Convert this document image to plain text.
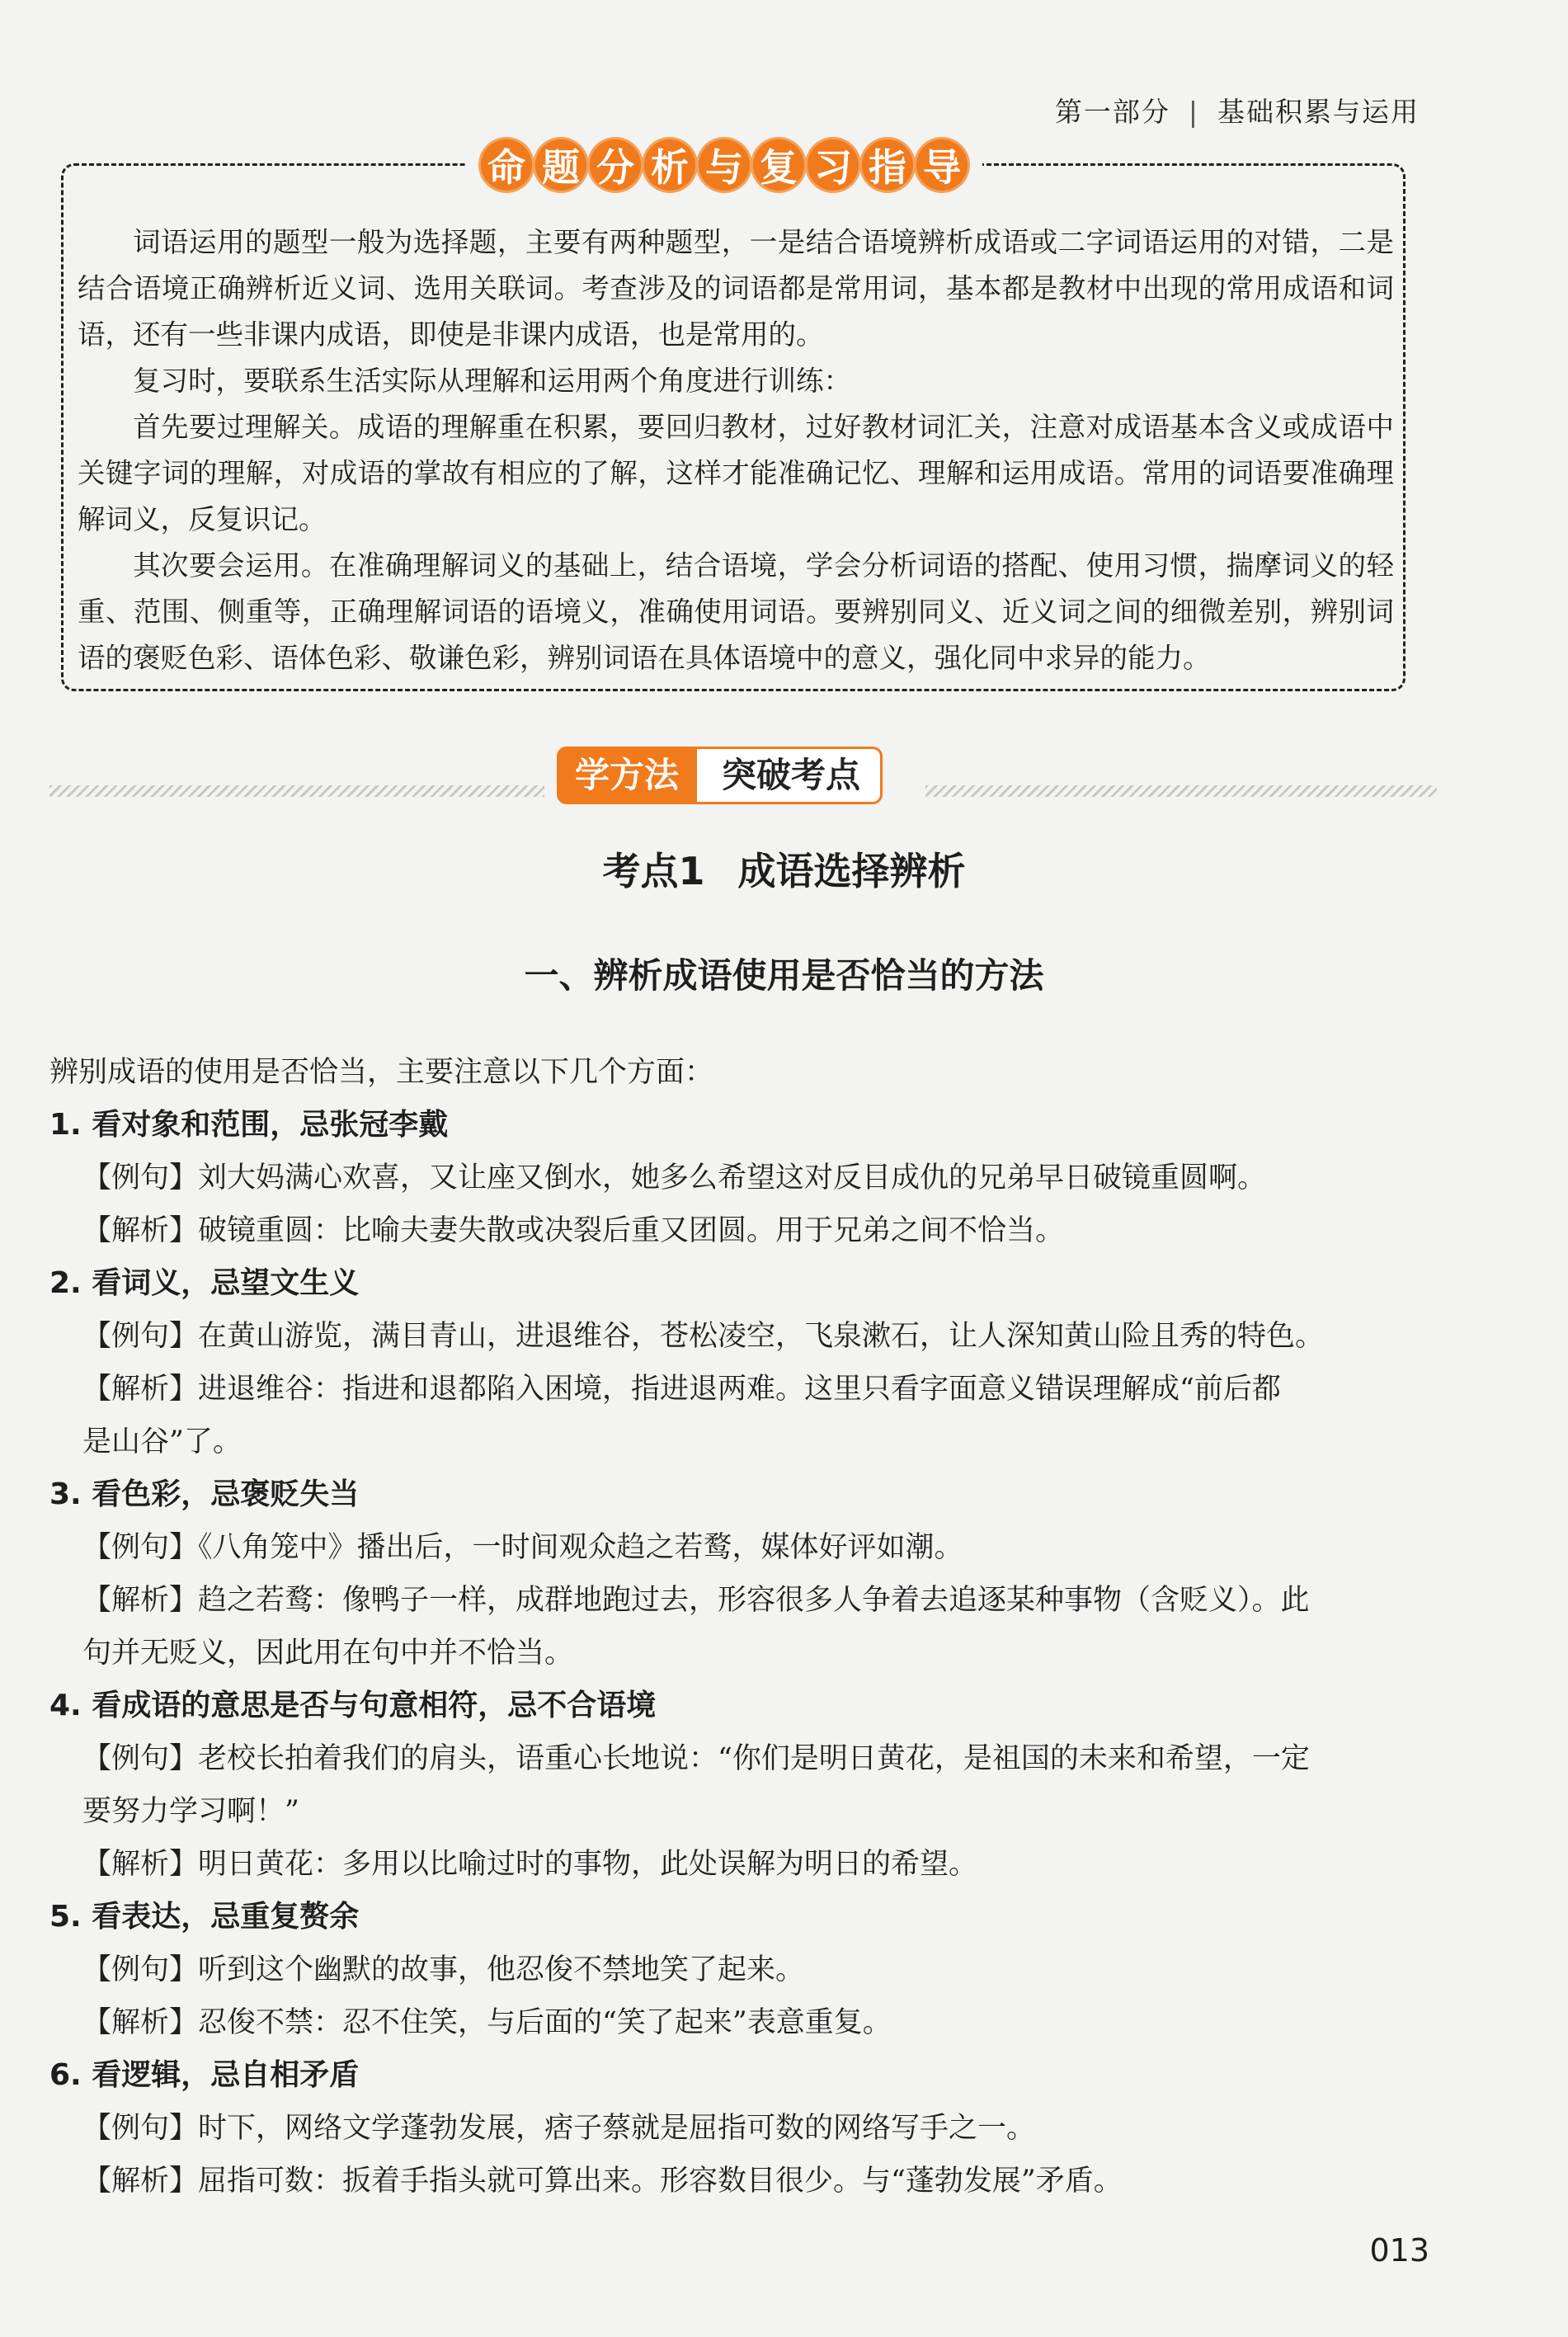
第一部分 | 基础积累与运用
命 题 分 析 与 复 习 指 导

词语运用的题型一般为选择题，主要有两种题型，一是结合语境辨析成语或二字词语运用的对错，二是结合语境正确辨析近义词、选用关联词。考查涉及的词语都是常用词，基本都是教材中出现的常用成语和词语，还有一些非课内成语，即使是非课内成语，也是常用的。

复习时，要联系生活实际从理解和运用两个角度进行训练：

首先要过理解关。成语的理解重在积累，要回归教材，过好教材词汇关，注意对成语基本含义或成语中关键字词的理解，对成语的掌故有相应的了解，这样才能准确记忆、理解和运用成语。常用的词语要准确理解词义，反复识记。

其次要会运用。在准确理解词义的基础上，结合语境，学会分析词语的搭配、使用习惯，揣摩词义的轻重、范围、侧重等，正确理解词语的语境义，准确使用词语。要辨别同义、近义词之间的细微差别，辨别词语的褒贬色彩、语体色彩、敬谦色彩，辨别词语在具体语境中的意义，强化同中求异的能力。

学方法	突破考点
考点1 成语选择辨析
一、辨析成语使用是否恰当的方法
辨别成语的使用是否恰当，主要注意以下几个方面：
1. 看对象和范围，忌张冠李戴
【例句】刘大妈满心欢喜，又让座又倒水，她多么希望这对反目成仇的兄弟早日破镜重圆啊。
【解析】破镜重圆：比喻夫妻失散或决裂后重又团圆。用于兄弟之间不恰当。
2. 看词义，忌望文生义
【例句】在黄山游览，满目青山，进退维谷，苍松凌空，飞泉漱石，让人深知黄山险且秀的特色。
【解析】进退维谷：指进和退都陷入困境，指进退两难。这里只看字面意义错误理解成“前后都
是山谷”了。
3. 看色彩，忌褒贬失当
【例句】《八角笼中》播出后，一时间观众趋之若鹜，媒体好评如潮。
【解析】趋之若鹜：像鸭子一样，成群地跑过去，形容很多人争着去追逐某种事物（含贬义）。此
句并无贬义，因此用在句中并不恰当。
4. 看成语的意思是否与句意相符，忌不合语境
【例句】老校长拍着我们的肩头，语重心长地说：“你们是明日黄花，是祖国的未来和希望，一定
要努力学习啊！”
【解析】明日黄花：多用以比喻过时的事物，此处误解为明日的希望。
5. 看表达，忌重复赘余
【例句】听到这个幽默的故事，他忍俊不禁地笑了起来。
【解析】忍俊不禁：忍不住笑，与后面的“笑了起来”表意重复。
6. 看逻辑，忌自相矛盾
【例句】时下，网络文学蓬勃发展，痞子蔡就是屈指可数的网络写手之一。
【解析】屈指可数：扳着手指头就可算出来。形容数目很少。与“蓬勃发展”矛盾。
013
